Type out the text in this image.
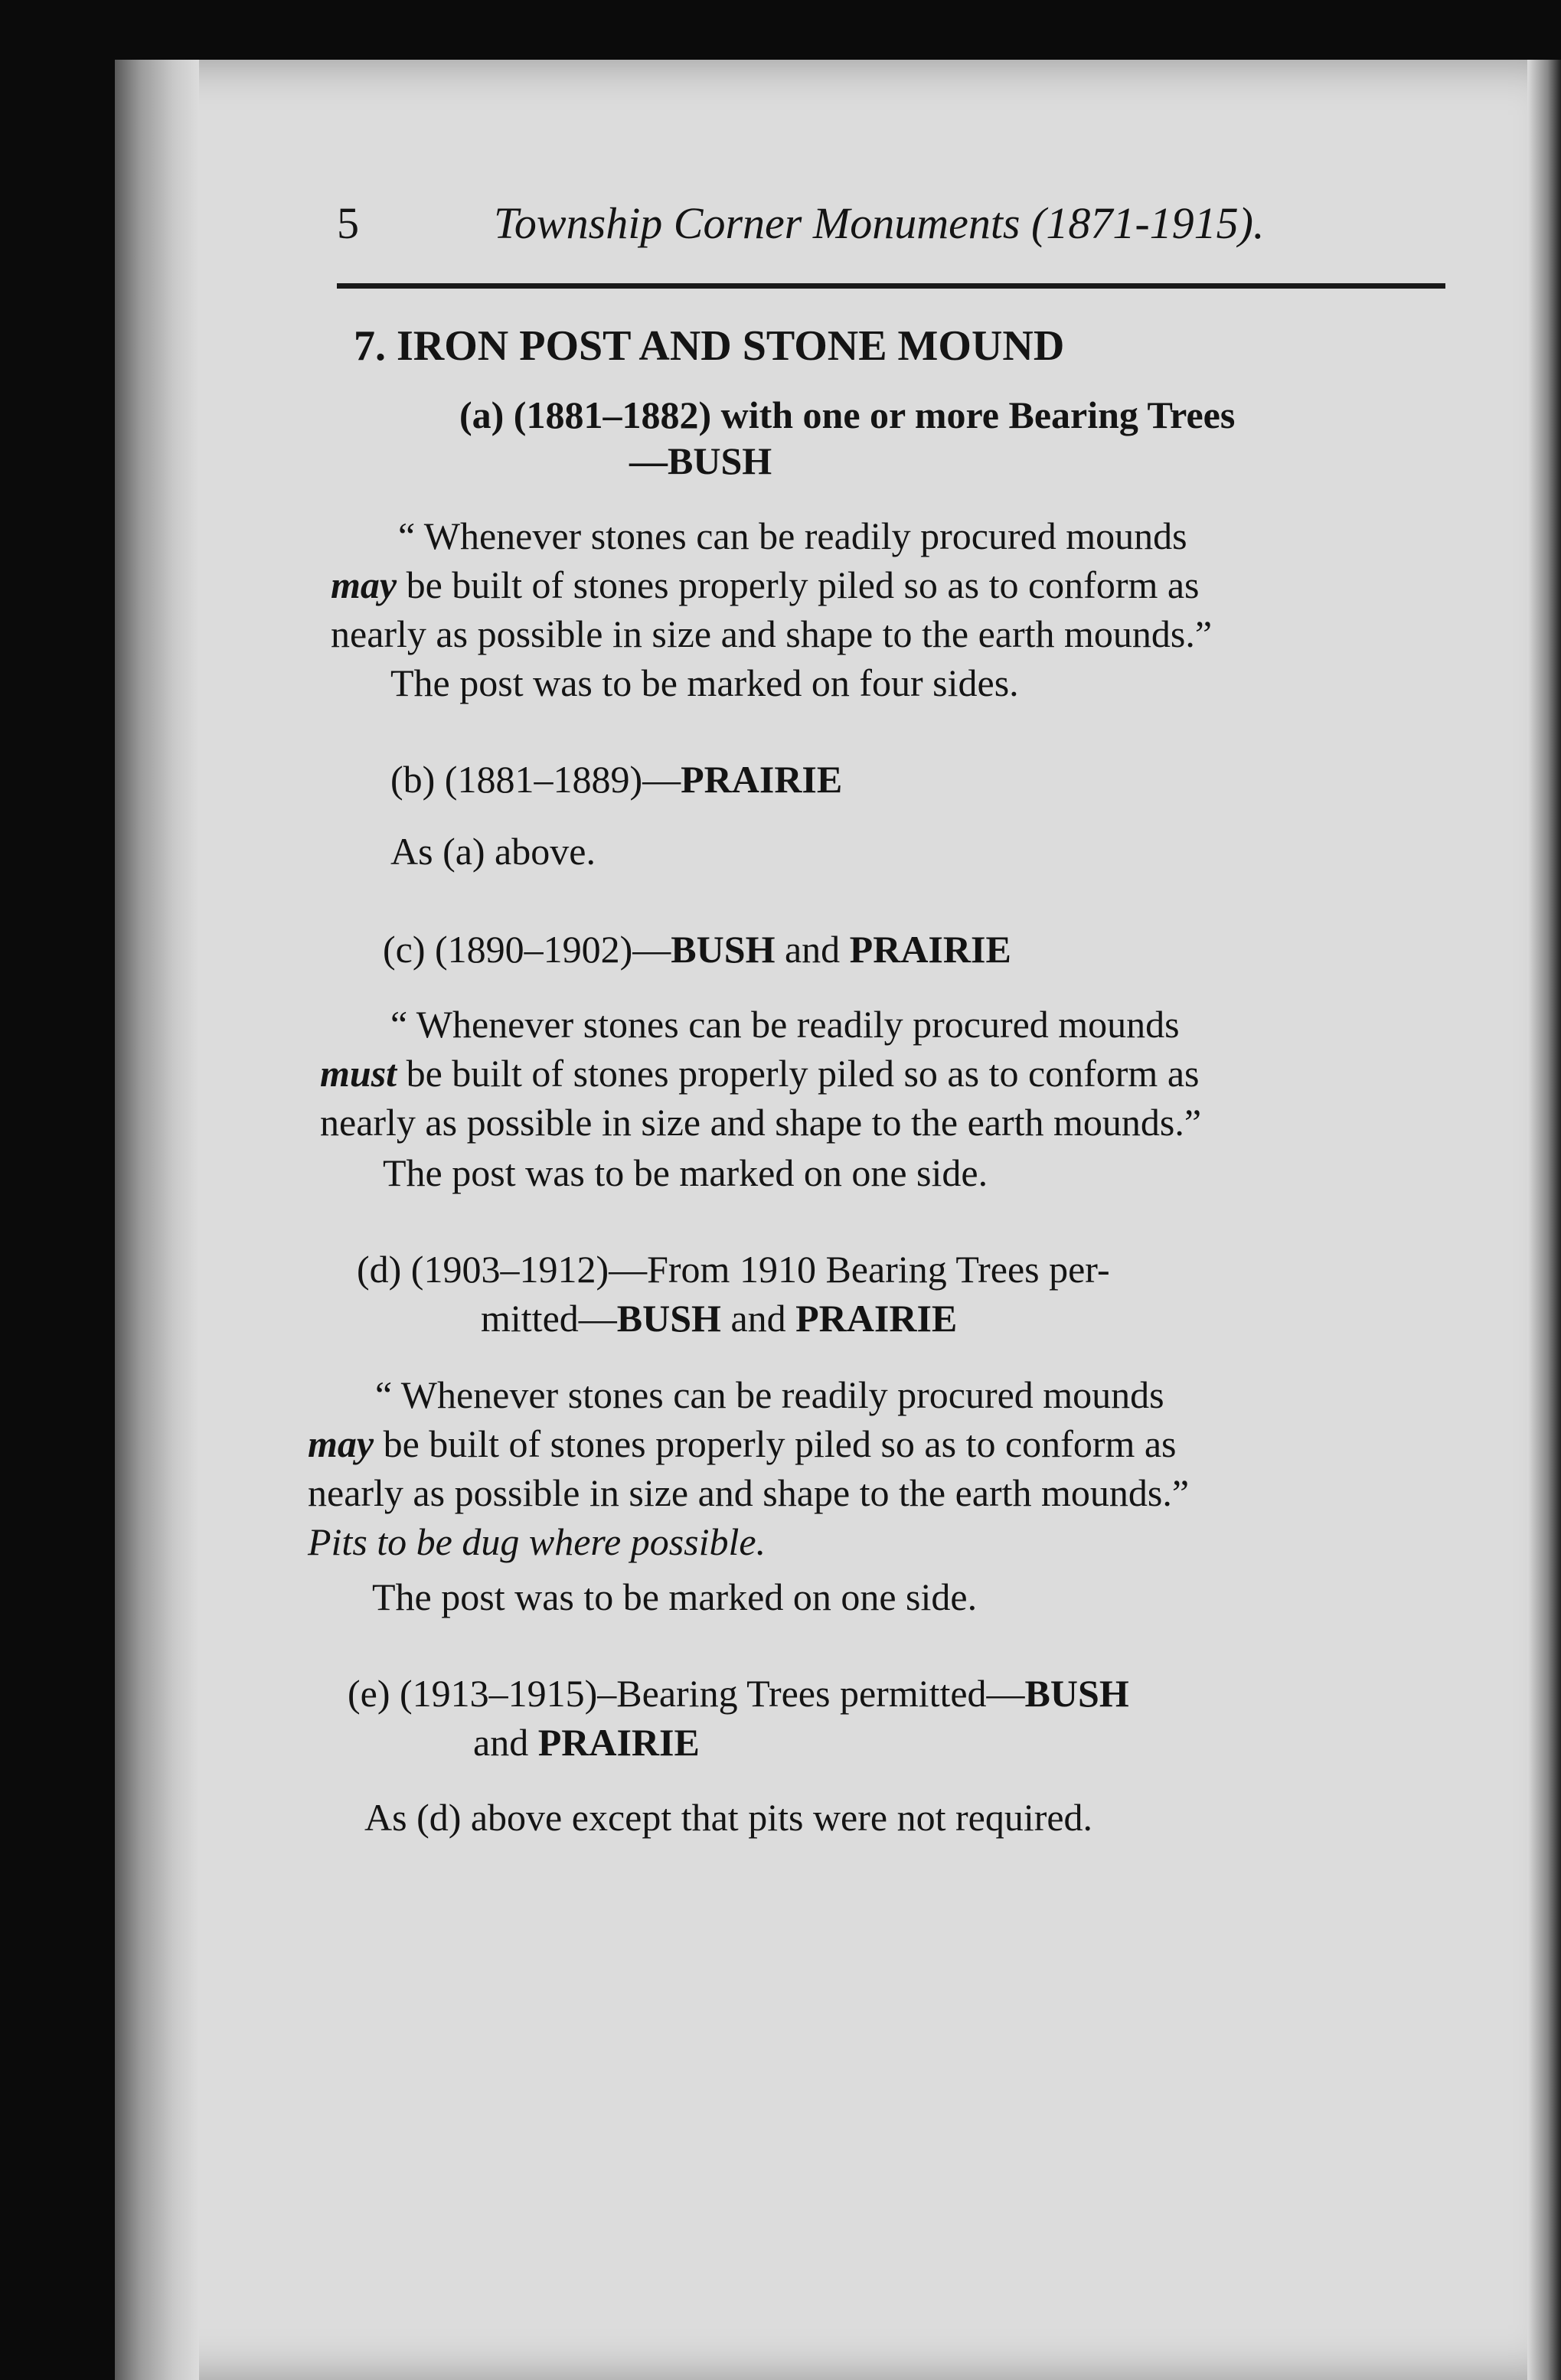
5	Township Corner Monuments (1871-1915).
7. IRON POST AND STONE MOUND
(a) (1881–1882) with one or more Bearing Trees
—BUSH
“ Whenever stones can be readily procured mounds
may be built of stones properly piled so as to conform as
nearly as possible in size and shape to the earth mounds.”
The post was to be marked on four sides.
(b) (1881–1889)—PRAIRIE
As (a) above.
(c) (1890–1902)—BUSH and PRAIRIE
“ Whenever stones can be readily procured mounds
must be built of stones properly piled so as to conform as
nearly as possible in size and shape to the earth mounds.”
The post was to be marked on one side.
(d) (1903–1912)—From 1910 Bearing Trees per-
mitted—BUSH and PRAIRIE
“ Whenever stones can be readily procured mounds
may be built of stones properly piled so as to conform as
nearly as possible in size and shape to the earth mounds.”
Pits to be dug where possible.
The post was to be marked on one side.
(e) (1913–1915)–Bearing Trees permitted—BUSH
and PRAIRIE
As (d) above except that pits were not required.
